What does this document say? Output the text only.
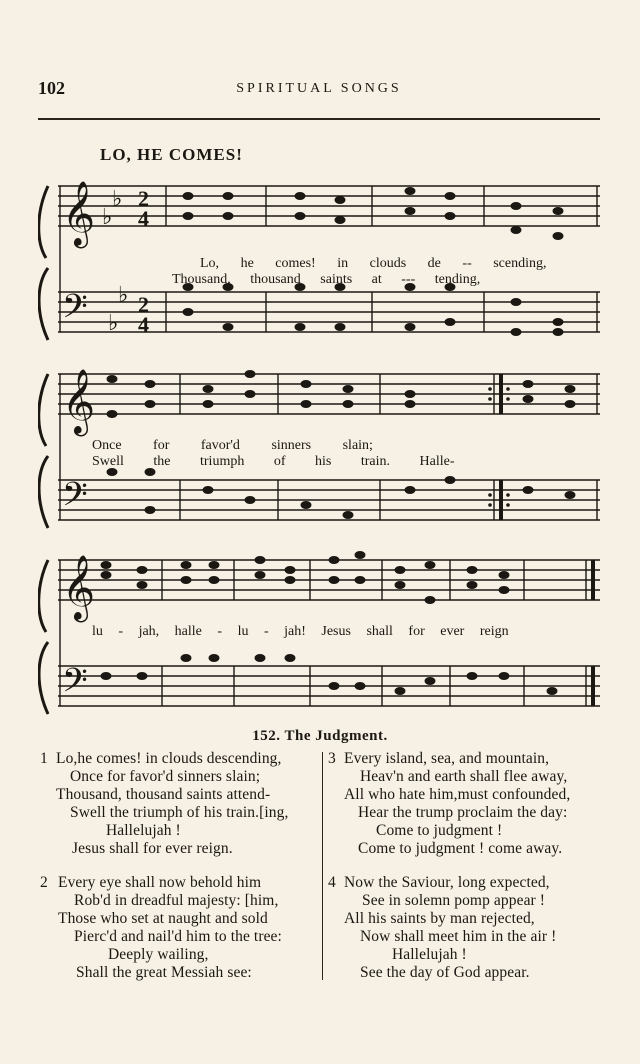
102	SPIRITUAL SONGS
LO, HE COMES!
𝄞
𝄢
♭
♭
♭
♭
2
4
2
4
Lo, he comes! in clouds de -- scending,
Thousand, thousand saints at --- tending,
𝄞
𝄢
Once for favor'd sinners slain;
Swell the triumph of his train. Halle-
𝄞
𝄢
lu - jah, halle - lu - jah! Jesus shall for ever reign
152. The Judgment.
1 Lo,he comes! in clouds descending,
Once for favor'd sinners slain;
Thousand, thousand saints attend-
Swell the triumph of his train.[ing,
Hallelujah !
Jesus shall for ever reign.
2 Every eye shall now behold him
Rob'd in dreadful majesty: [him,
Those who set at naught and sold
Pierc'd and nail'd him to the tree:
Deeply wailing,
Shall the great Messiah see:
3 Every island, sea, and mountain,
Heav'n and earth shall flee away,
All who hate him,must confounded,
Hear the trump proclaim the day:
Come to judgment !
Come to judgment ! come away.
4 Now the Saviour, long expected,
See in solemn pomp appear !
All his saints by man rejected,
Now shall meet him in the air !
Hallelujah !
See the day of God appear.
